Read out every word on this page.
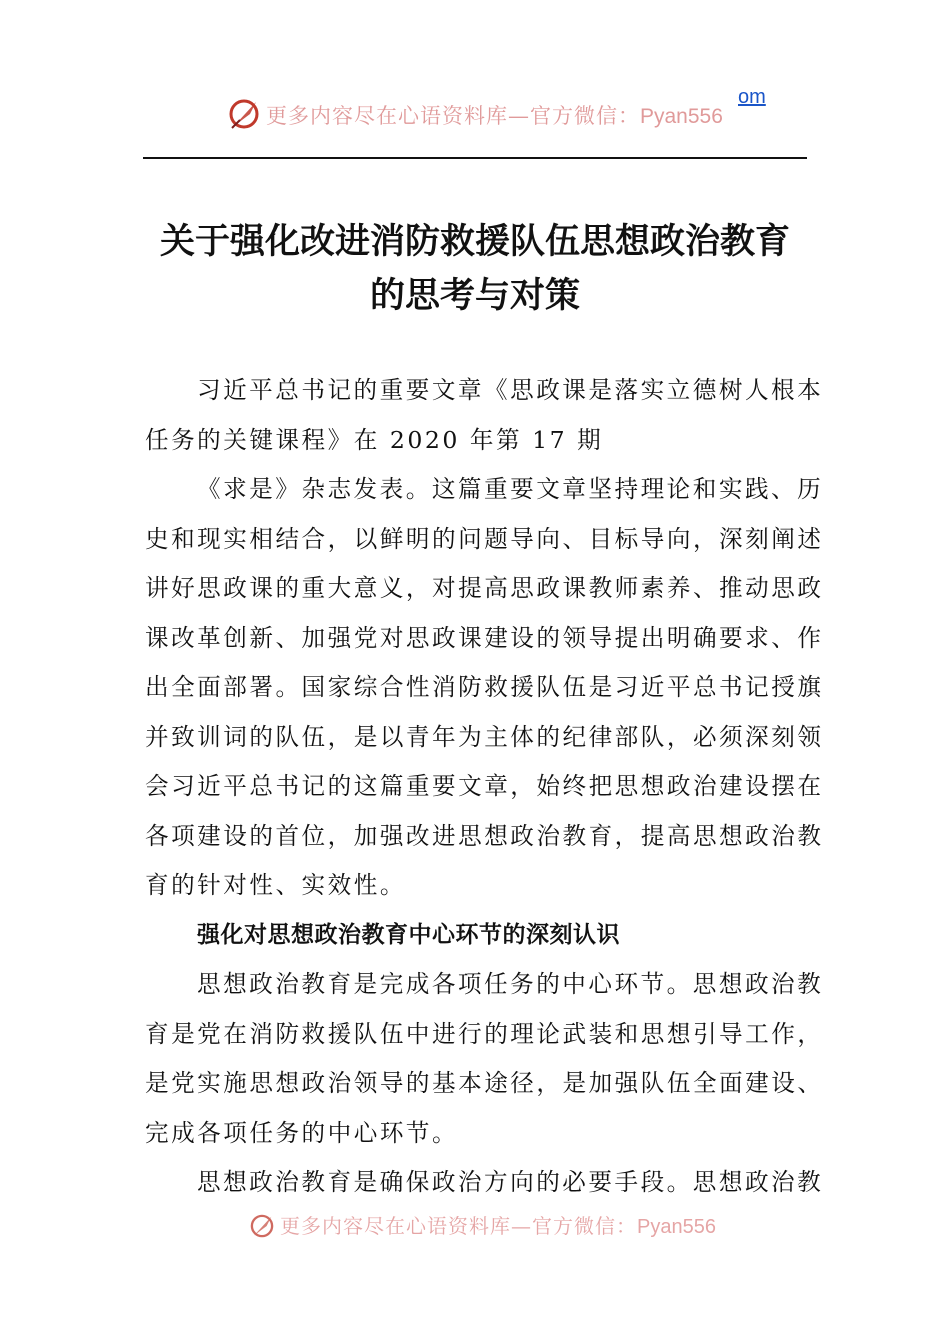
更多内容尽在心语资料库—官方微信：Pyan556
om
关于强化改进消防救援队伍思想政治教育
的思考与对策
习近平总书记的重要文章《思政课是落实立德树人根本
任务的关键课程》在 2020 年第 17 期
《求是》杂志发表。这篇重要文章坚持理论和实践、历
史和现实相结合，以鲜明的问题导向、目标导向，深刻阐述
讲好思政课的重大意义，对提高思政课教师素养、推动思政
课改革创新、加强党对思政课建设的领导提出明确要求、作
出全面部署。国家综合性消防救援队伍是习近平总书记授旗
并致训词的队伍，是以青年为主体的纪律部队，必须深刻领
会习近平总书记的这篇重要文章，始终把思想政治建设摆在
各项建设的首位，加强改进思想政治教育，提高思想政治教
育的针对性、实效性。
强化对思想政治教育中心环节的深刻认识
思想政治教育是完成各项任务的中心环节。思想政治教
育是党在消防救援队伍中进行的理论武装和思想引导工作，
是党实施思想政治领导的基本途径，是加强队伍全面建设、
完成各项任务的中心环节。
思想政治教育是确保政治方向的必要手段。思想政治教
更多内容尽在心语资料库—官方微信：Pyan556
